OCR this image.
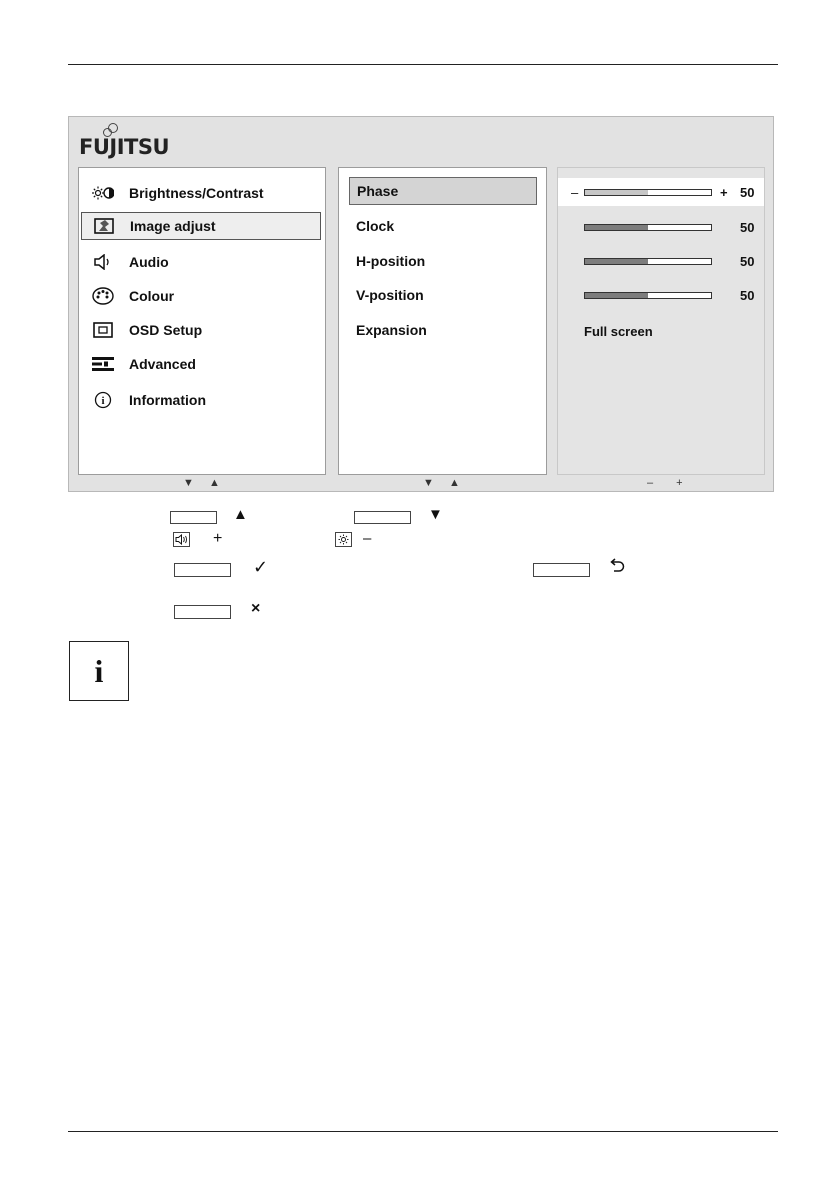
FUJITSU
Brightness/Contrast
Image adjust
Audio
Colour
OSD Setup
Advanced
i Information
Phase
Clock
H-position
V-position
Expansion
–	+ 50
50
50
50
Full screen
▼ ▲	▼ ▲	– +
▲	▼
+	–
✓
×
i
